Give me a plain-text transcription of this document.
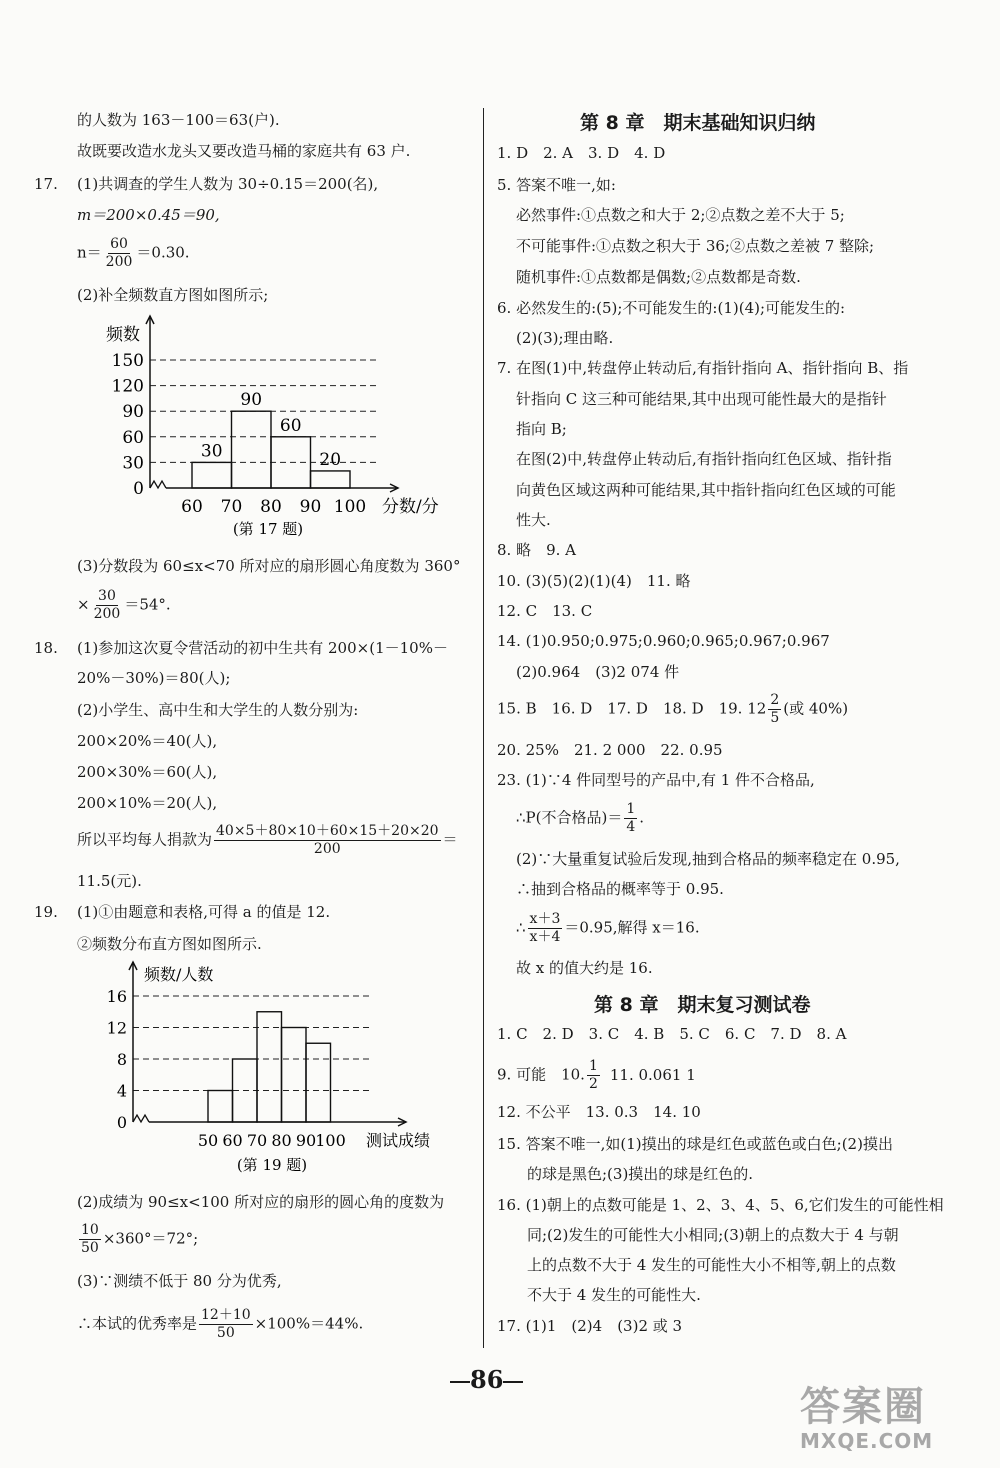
的人数为 163－100＝63(户).
故既要改造水龙头又要改造马桶的家庭共有 63 户.
17. (1)共调查的学生人数为 30÷0.15＝200(名),
m＝200×0.45＝90,
$n= \frac{60}{200} =0.30$.
(2)补全频数直方图如图所示;
30
90
60
20
0
30
60
90
120
150
60 70 80 90 100
频数
分数/分
(第 17 题)
(3)分数段为 60≤x<70 所对应的扇形圆心角度数为 360°
× $\frac{30}{200} =54^\circ$.
18. (1)参加这次夏令营活动的初中生共有 200×(1－10%－
20%－30%)＝80(人);
(2)小学生、高中生和大学生的人数分别为:
200×20%＝40(人),
200×30%＝60(人),
200×10%＝20(人),
所以平均每人捐款为 $\frac{40\times 5+80\times 10+60\times 15+20\times 20}{200}$ ＝
11.5(元).
19. (1)①由题意和表格,可得 a 的值是 12.
②频数分布直方图如图所示.
0
4
8
12
16
50 60 70 80 90 100
频数/人数
测试成绩
(第 19 题)
(2)成绩为 90≤x<100 所对应的扇形的圆心角的度数为
$\frac{10}{50} \times 360^\circ=72^\circ$;
(3)∵测绩不低于 80 分为优秀,
∴本试的优秀率是 $\frac{12+10}{50} \times 100\%=44\%$.
第 8 章　期末基础知识归纳
1. D　2. A　3. D　4. D
5. 答案不唯一,如:
必然事件:①点数之和大于 2;②点数之差不大于 5;
不可能事件:①点数之积大于 36;②点数之差被 7 整除;
随机事件:①点数都是偶数;②点数都是奇数.
6. 必然发生的:(5);不可能发生的:(1)(4);可能发生的:
(2)(3);理由略.
7. 在图(1)中,转盘停止转动后,有指针指向 A、指针指向 B、指
针指向 C 这三种可能结果,其中出现可能性最大的是指针
指向 B;
在图(2)中,转盘停止转动后,有指针指向红色区域、指针指
向黄色区域这两种可能结果,其中指针指向红色区域的可能
性大.
8. 略　9. A
10. (3)(5)(2)(1)(4)　11. 略
12. C　13. C
14. (1)0.950;0.975;0.960;0.965;0.967;0.967
(2)0.964　(3)2 074 件
15. B　16. D　17. D　18. D　19. $12 \frac{2}{5}$ (或 40%)
20. 25%　21. 2 000　22. 0.95
23. (1)∵4 件同型号的产品中,有 1 件不合格品,
∴P(不合格品)＝ $\frac{1}{4}$ .
(2)∵大量重复试验后发现,抽到合格品的频率稳定在 0.95,
∴抽到合格品的概率等于 0.95.
∴ $\frac{x+3}{x+4} =0.95$,解得 x＝16.
故 x 的值大约是 16.
第 8 章　期末复习测试卷
1. C　2. D　3. C　4. B　5. C　6. C　7. D　8. A
9. 可能　10. $\frac{1}{2} 11$. 0.061 1
12. 不公平　13. 0.3　14. 10
15. 答案不唯一,如(1)摸出的球是红色或蓝色或白色;(2)摸出
的球是黑色;(3)摸出的球是红色的.
16. (1)朝上的点数可能是 1、2、3、4、5、6,它们发生的可能性相
同;(2)发生的可能性大小相同;(3)朝上的点数大于 4 与朝
上的点数不大于 4 发生的可能性大小不相等,朝上的点数
不大于 4 发生的可能性大.
17. (1)1　(2)4　(3)2 或 3
86
答案圈
MXQE.COM
